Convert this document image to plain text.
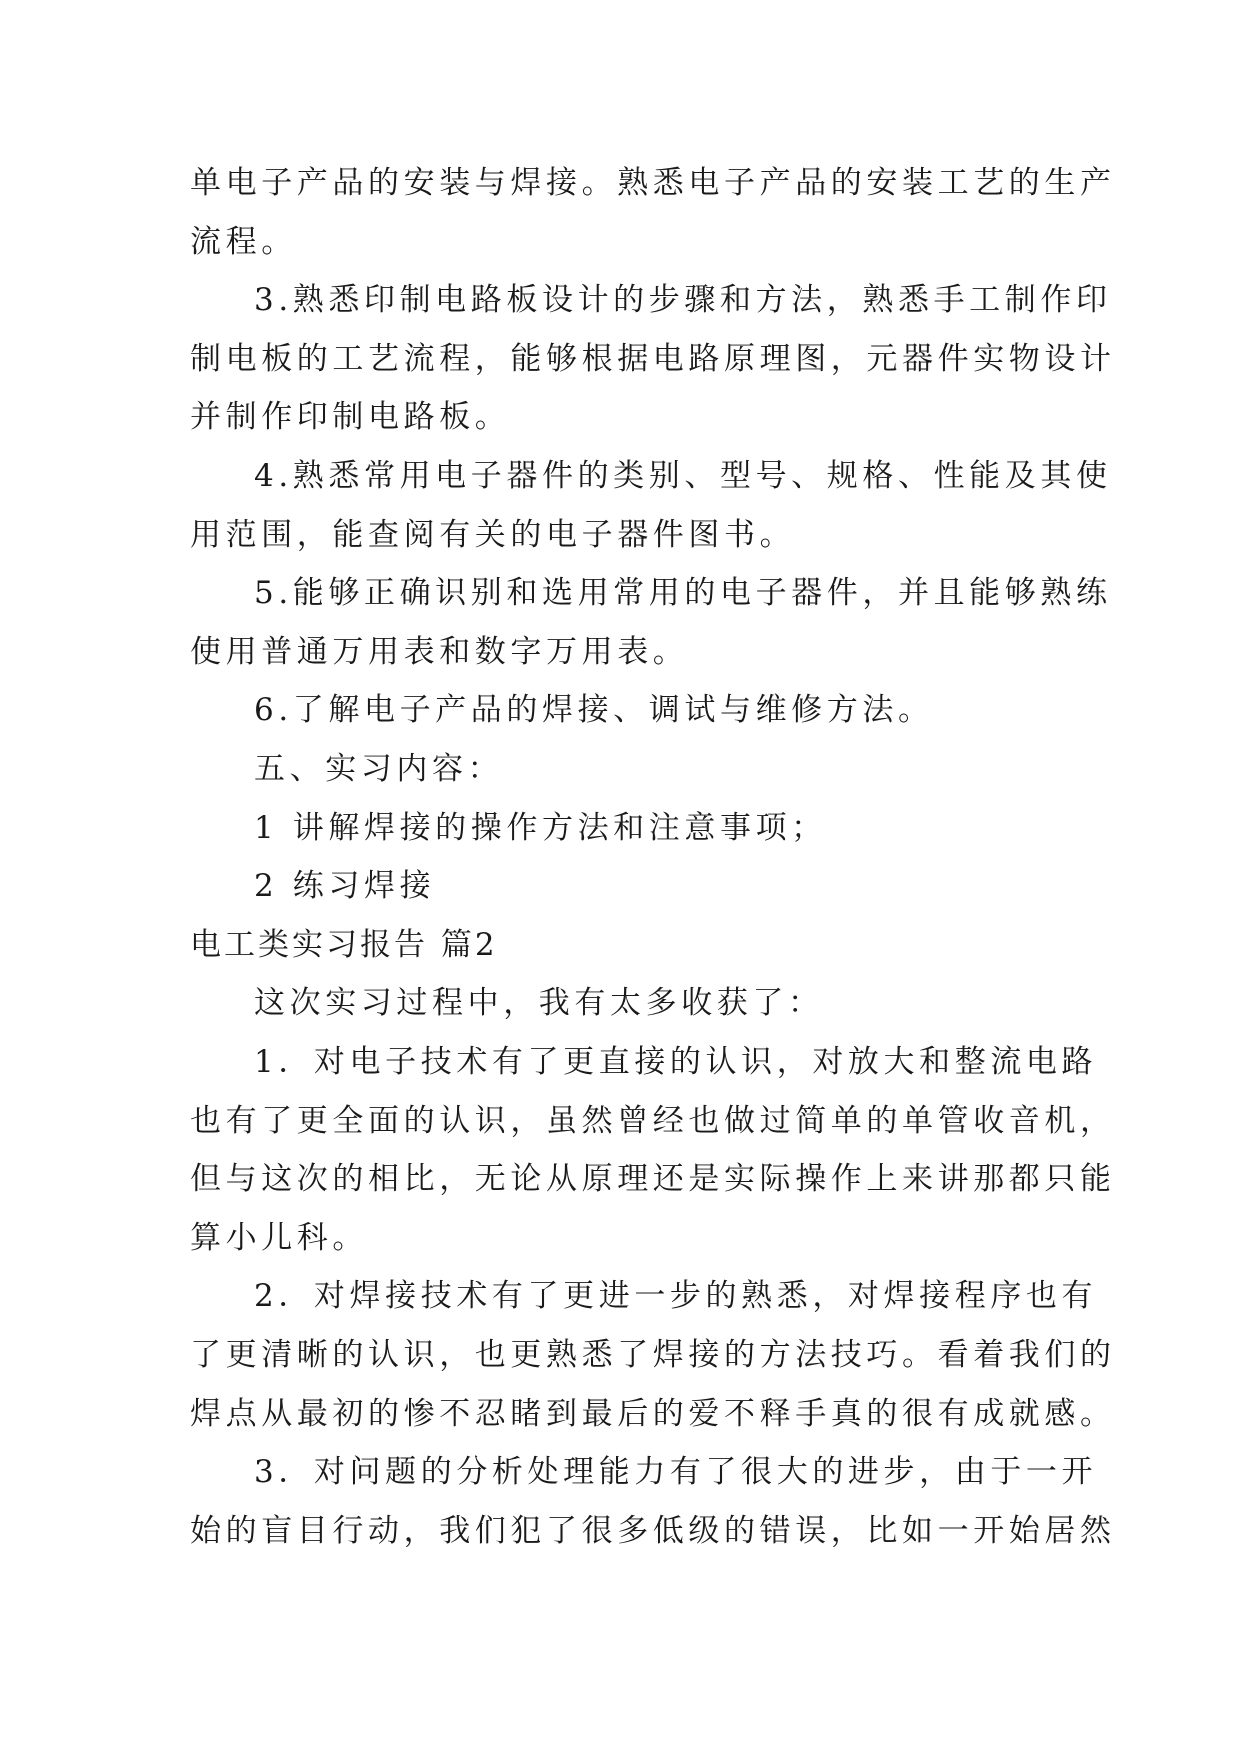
单电子产品的安装与焊接。熟悉电子产品的安装工艺的生产
流程。
3.熟悉印制电路板设计的步骤和方法，熟悉手工制作印
制电板的工艺流程，能够根据电路原理图，元器件实物设计
并制作印制电路板。
4.熟悉常用电子器件的类别、型号、规格、性能及其使
用范围，能查阅有关的电子器件图书。
5.能够正确识别和选用常用的电子器件，并且能够熟练
使用普通万用表和数字万用表。
6.了解电子产品的焊接、调试与维修方法。
五、实习内容：
1 讲解焊接的操作方法和注意事项；
2 练习焊接
电工类实习报告 篇2
这次实习过程中，我有太多收获了：
1．对电子技术有了更直接的认识，对放大和整流电路
也有了更全面的认识，虽然曾经也做过简单的单管收音机，
但与这次的相比，无论从原理还是实际操作上来讲那都只能
算小儿科。
2．对焊接技术有了更进一步的熟悉，对焊接程序也有
了更清晰的认识，也更熟悉了焊接的方法技巧。看着我们的
焊点从最初的惨不忍睹到最后的爱不释手真的很有成就感。
3．对问题的分析处理能力有了很大的进步，由于一开
始的盲目行动，我们犯了很多低级的错误，比如一开始居然
